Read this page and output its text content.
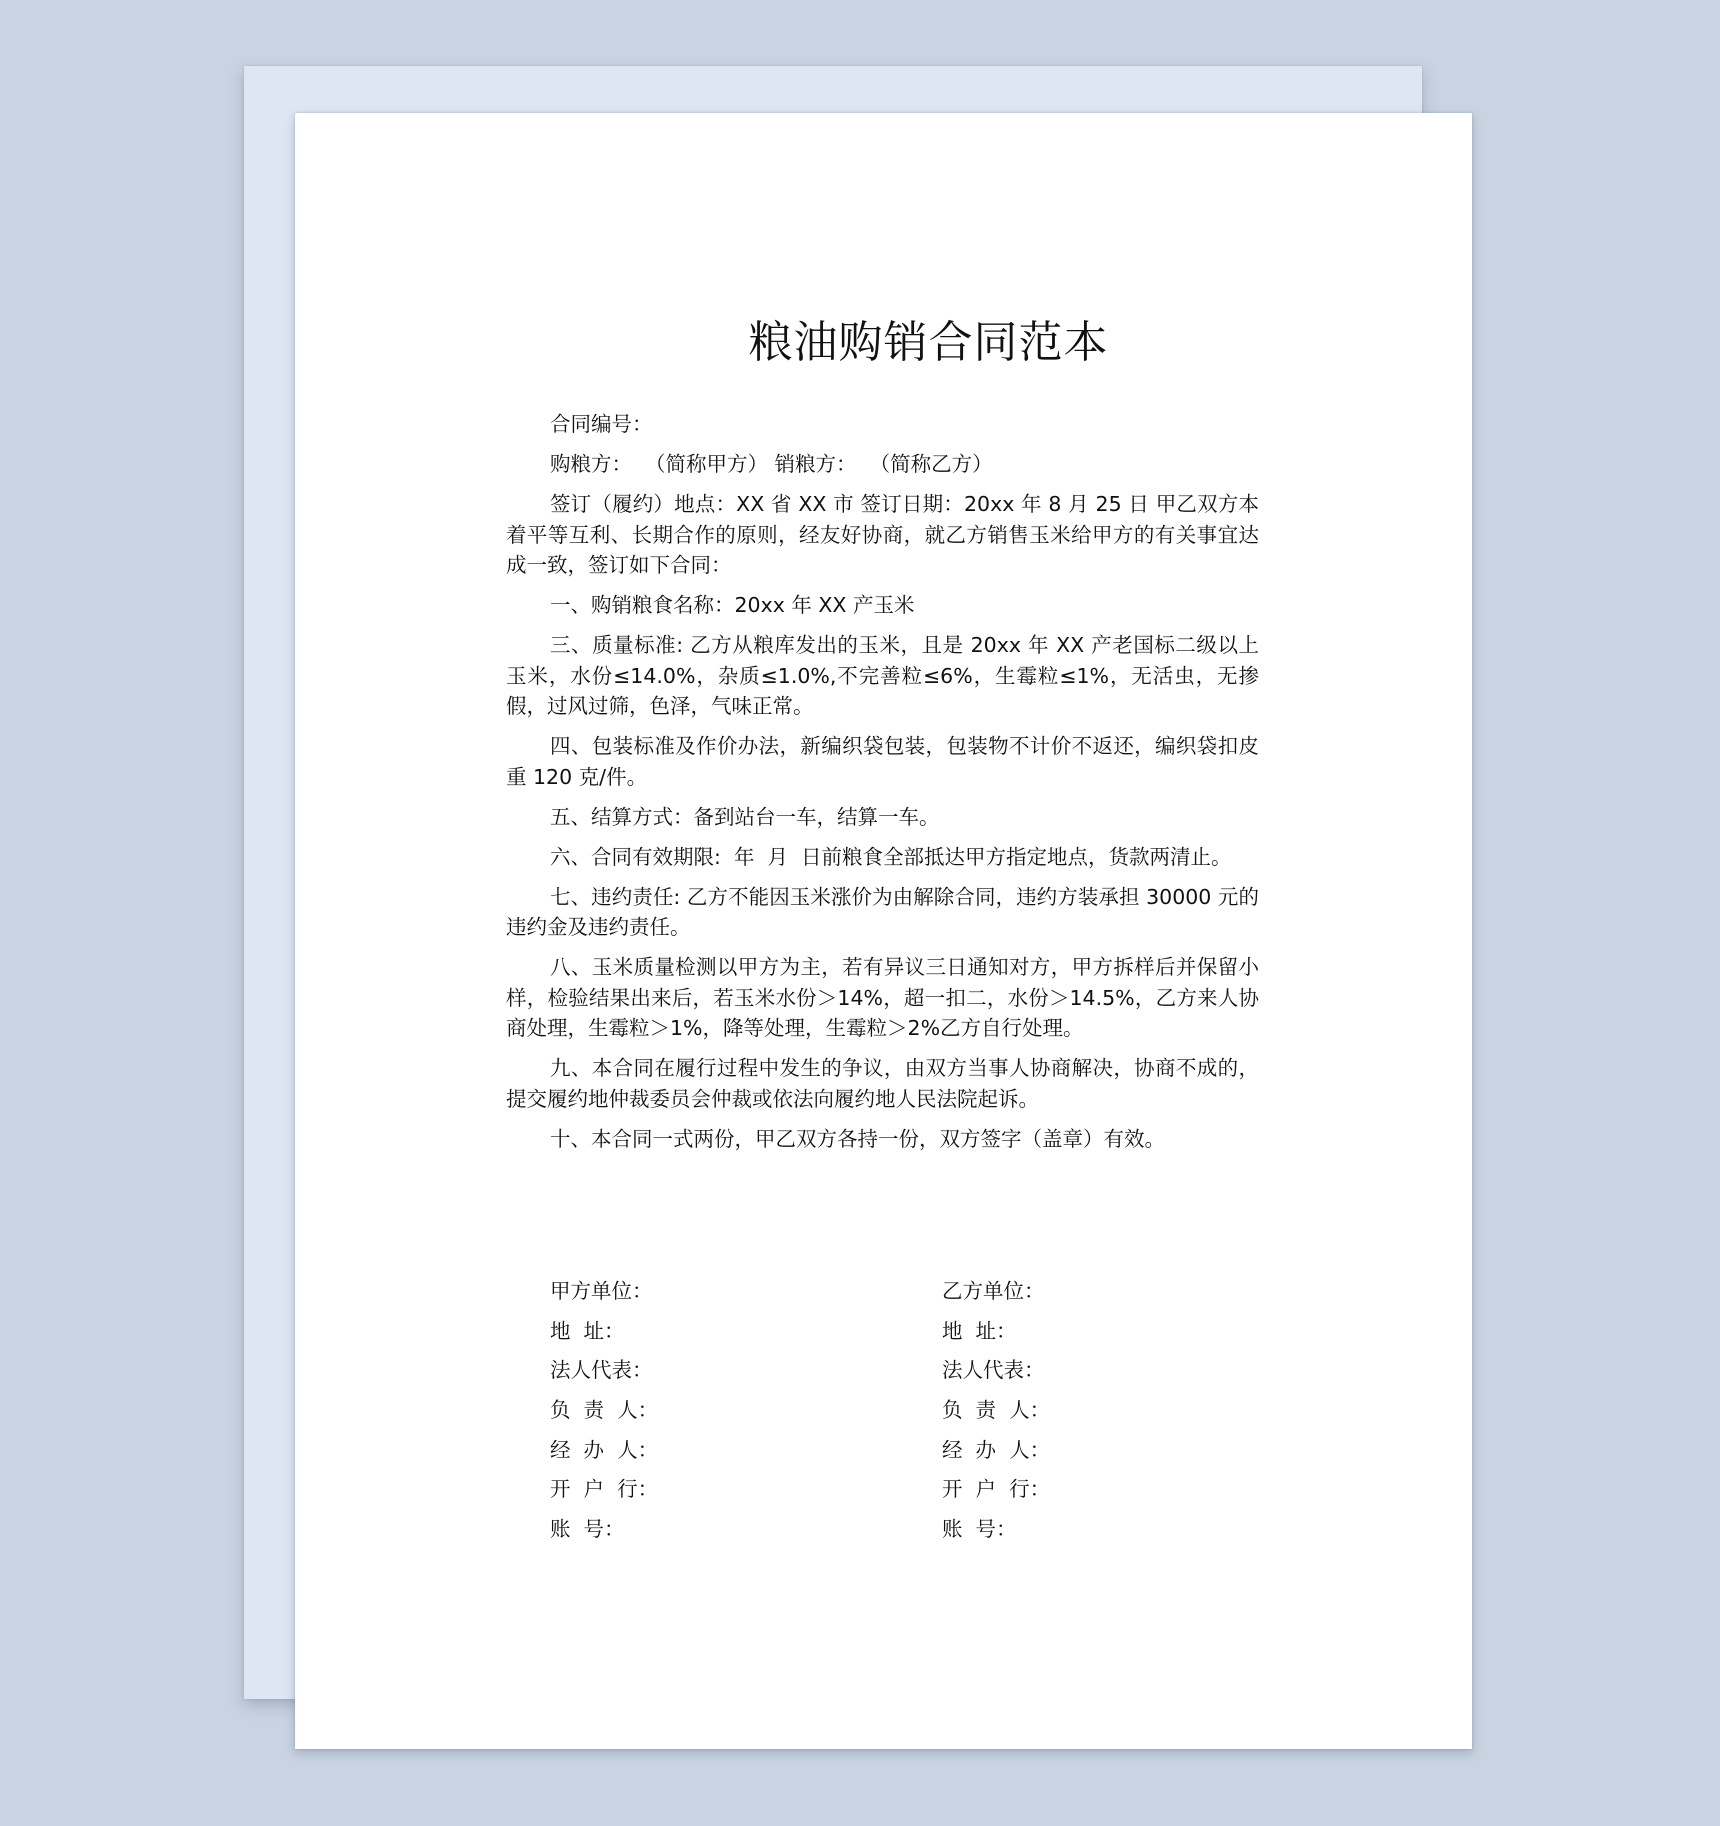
粮油购销合同范本

合同编号：

购粮方：  （简称甲方） 销粮方：  （简称乙方）

签订（履约）地点：XX 省 XX 市 签订日期：20xx 年 8 月 25 日 甲乙双方本着平等互利、长期合作的原则，经友好协商，就乙方销售玉米给甲方的有关事宜达成一致，签订如下合同：

一、购销粮食名称：20xx 年 XX 产玉米

三、质量标准: 乙方从粮库发出的玉米，且是 20xx 年 XX 产老国标二级以上玉米，水份≤14.0%，杂质≤1.0%,不完善粒≤6%，生霉粒≤1%，无活虫，无掺假，过风过筛，色泽，气味正常。

四、包装标准及作价办法，新编织袋包装，包装物不计价不返还，编织袋扣皮重 120 克/件。

五、结算方式：备到站台一车，结算一车。

六、合同有效期限:  年  月  日前粮食全部抵达甲方指定地点，货款两清止。

七、违约责任: 乙方不能因玉米涨价为由解除合同，违约方装承担 30000 元的违约金及违约责任。

八、玉米质量检测以甲方为主，若有异议三日通知对方，甲方拆样后并保留小样，检验结果出来后，若玉米水份＞14%，超一扣二，水份＞14.5%，乙方来人协商处理，生霉粒＞1%，降等处理，生霉粒＞2%乙方自行处理。

九、本合同在履行过程中发生的争议，由双方当事人协商解决，协商不成的，提交履约地仲裁委员会仲裁或依法向履约地人民法院起诉。

十、本合同一式两份，甲乙双方各持一份，双方签字（盖章）有效。

甲方单位：	乙方单位：
地  址：	地  址：
法人代表：	法人代表：
负  责  人：	负  责  人：
经  办  人：	经  办  人：
开  户  行：	开  户  行：
账  号：	账  号：
